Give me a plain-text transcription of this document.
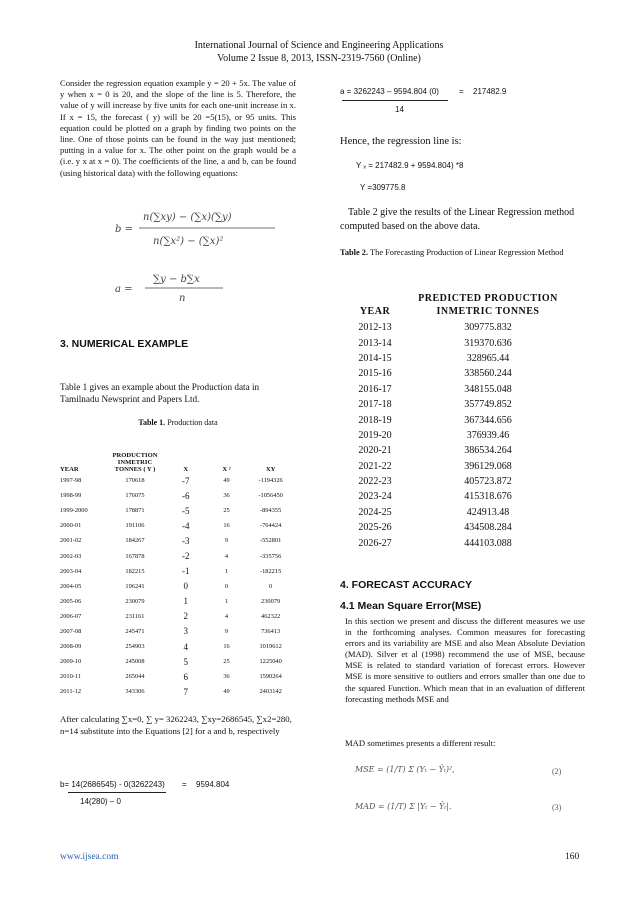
International Journal of Science and Engineering Applications
Volume 2 Issue 8, 2013, ISSN-2319-7560 (Online)
Consider the regression equation example y = 20 + 5x. The value of y when x = 0 is 20, and the slope of the line is 5. Therefore, the value of y will increase by five units for each one-unit increase in x. If x = 15, the forecast ( y) will be 20 =5(15), or 95 units. This equation could be plotted on a graph by finding two points on the line. One of those points can be found in the way just mentioned; putting in a value for x. The other point on the graph would be a (i.e. y x at x = 0). The coefficients of the line, a and b, can be found (using historical data) with the following equations:
b =
n(∑xy) − (∑x)(∑y)
n(∑x²) − (∑x)²
a =
∑y − b∑x
n
3. NUMERICAL EXAMPLE
Table 1 gives an example about the Production data in Tamilnadu Newsprint and Papers Ltd.
Table 1. Production data
YEAR	PRODUCTION INMETRIC TONNES ( Y )	X	X ²	XY
1997-98	170618	-7	49	-1194326
1998-99	176075	-6	36	-1056450
1999-2000	178871	-5	25	-894355
2000-01	191106	-4	16	-764424
2001-02	184267	-3	9	-552801
2002-03	167878	-2	4	-335756
2003-04	182215	-1	1	-182215
2004-05	196241	0	0	0
2005-06	230079	1	1	230079
2006-07	231161	2	4	462322
2007-08	245471	3	9	736413
2008-09	254903	4	16	1019612
2009-10	245008	5	25	1225040
2010-11	265044	6	36	1590264
2011-12	343306	7	49	2403142
After calculating ∑x=0, ∑ y= 3262243, ∑xy=2686545, ∑x2=280, n=14 substitute into the Equations [2] for a and b, respectively
b= 14(2686545) - 0(3262243) = 9594.804
14(280) – 0
a = 3262243 – 9594.804 (0)	= 217482.9
14
Hence, the regression line is:
Y ₓ = 217482.9 + 9594.804) *8
Y =309775.8
Table 2 give the results of the Linear Regression method computed based on the above data.
Table 2. The Forecasting Production of Linear Regression Method
YEAR	PREDICTED PRODUCTION INMETRIC TONNES
2012-13	309775.832
2013-14	319370.636
2014-15	328965.44
2015-16	338560.244
2016-17	348155.048
2017-18	357749.852
2018-19	367344.656
2019-20	376939.46
2020-21	386534.264
2021-22	396129.068
2022-23	405723.872
2023-24	415318.676
2024-25	424913.48
2025-26	434508.284
2026-27	444103.088
4. FORECAST ACCURACY
4.1 Mean Square Error(MSE)
In this section we present and discuss the different measures we use in the forthcoming analyses. Common measures for forecasting errors and its variability are MSE and also Mean Absolute Deviation (MAD). Silver et al (1998) recommend the use of MSE, because MSE is related to standard variation of forecast errors. However MSE is more sensitive to outliers and errors smaller than one due to the squared Function. Which mean that in an evaluation of different forecasting methods MSE and
MAD sometimes presents a different result:
MSE = (1/T) Σ (Yₜ − Ŷₜ)²,
MAD = (1/T) Σ |Yₜ − Ŷₜ|.
(2)
(3)
www.ijsea.com	160
